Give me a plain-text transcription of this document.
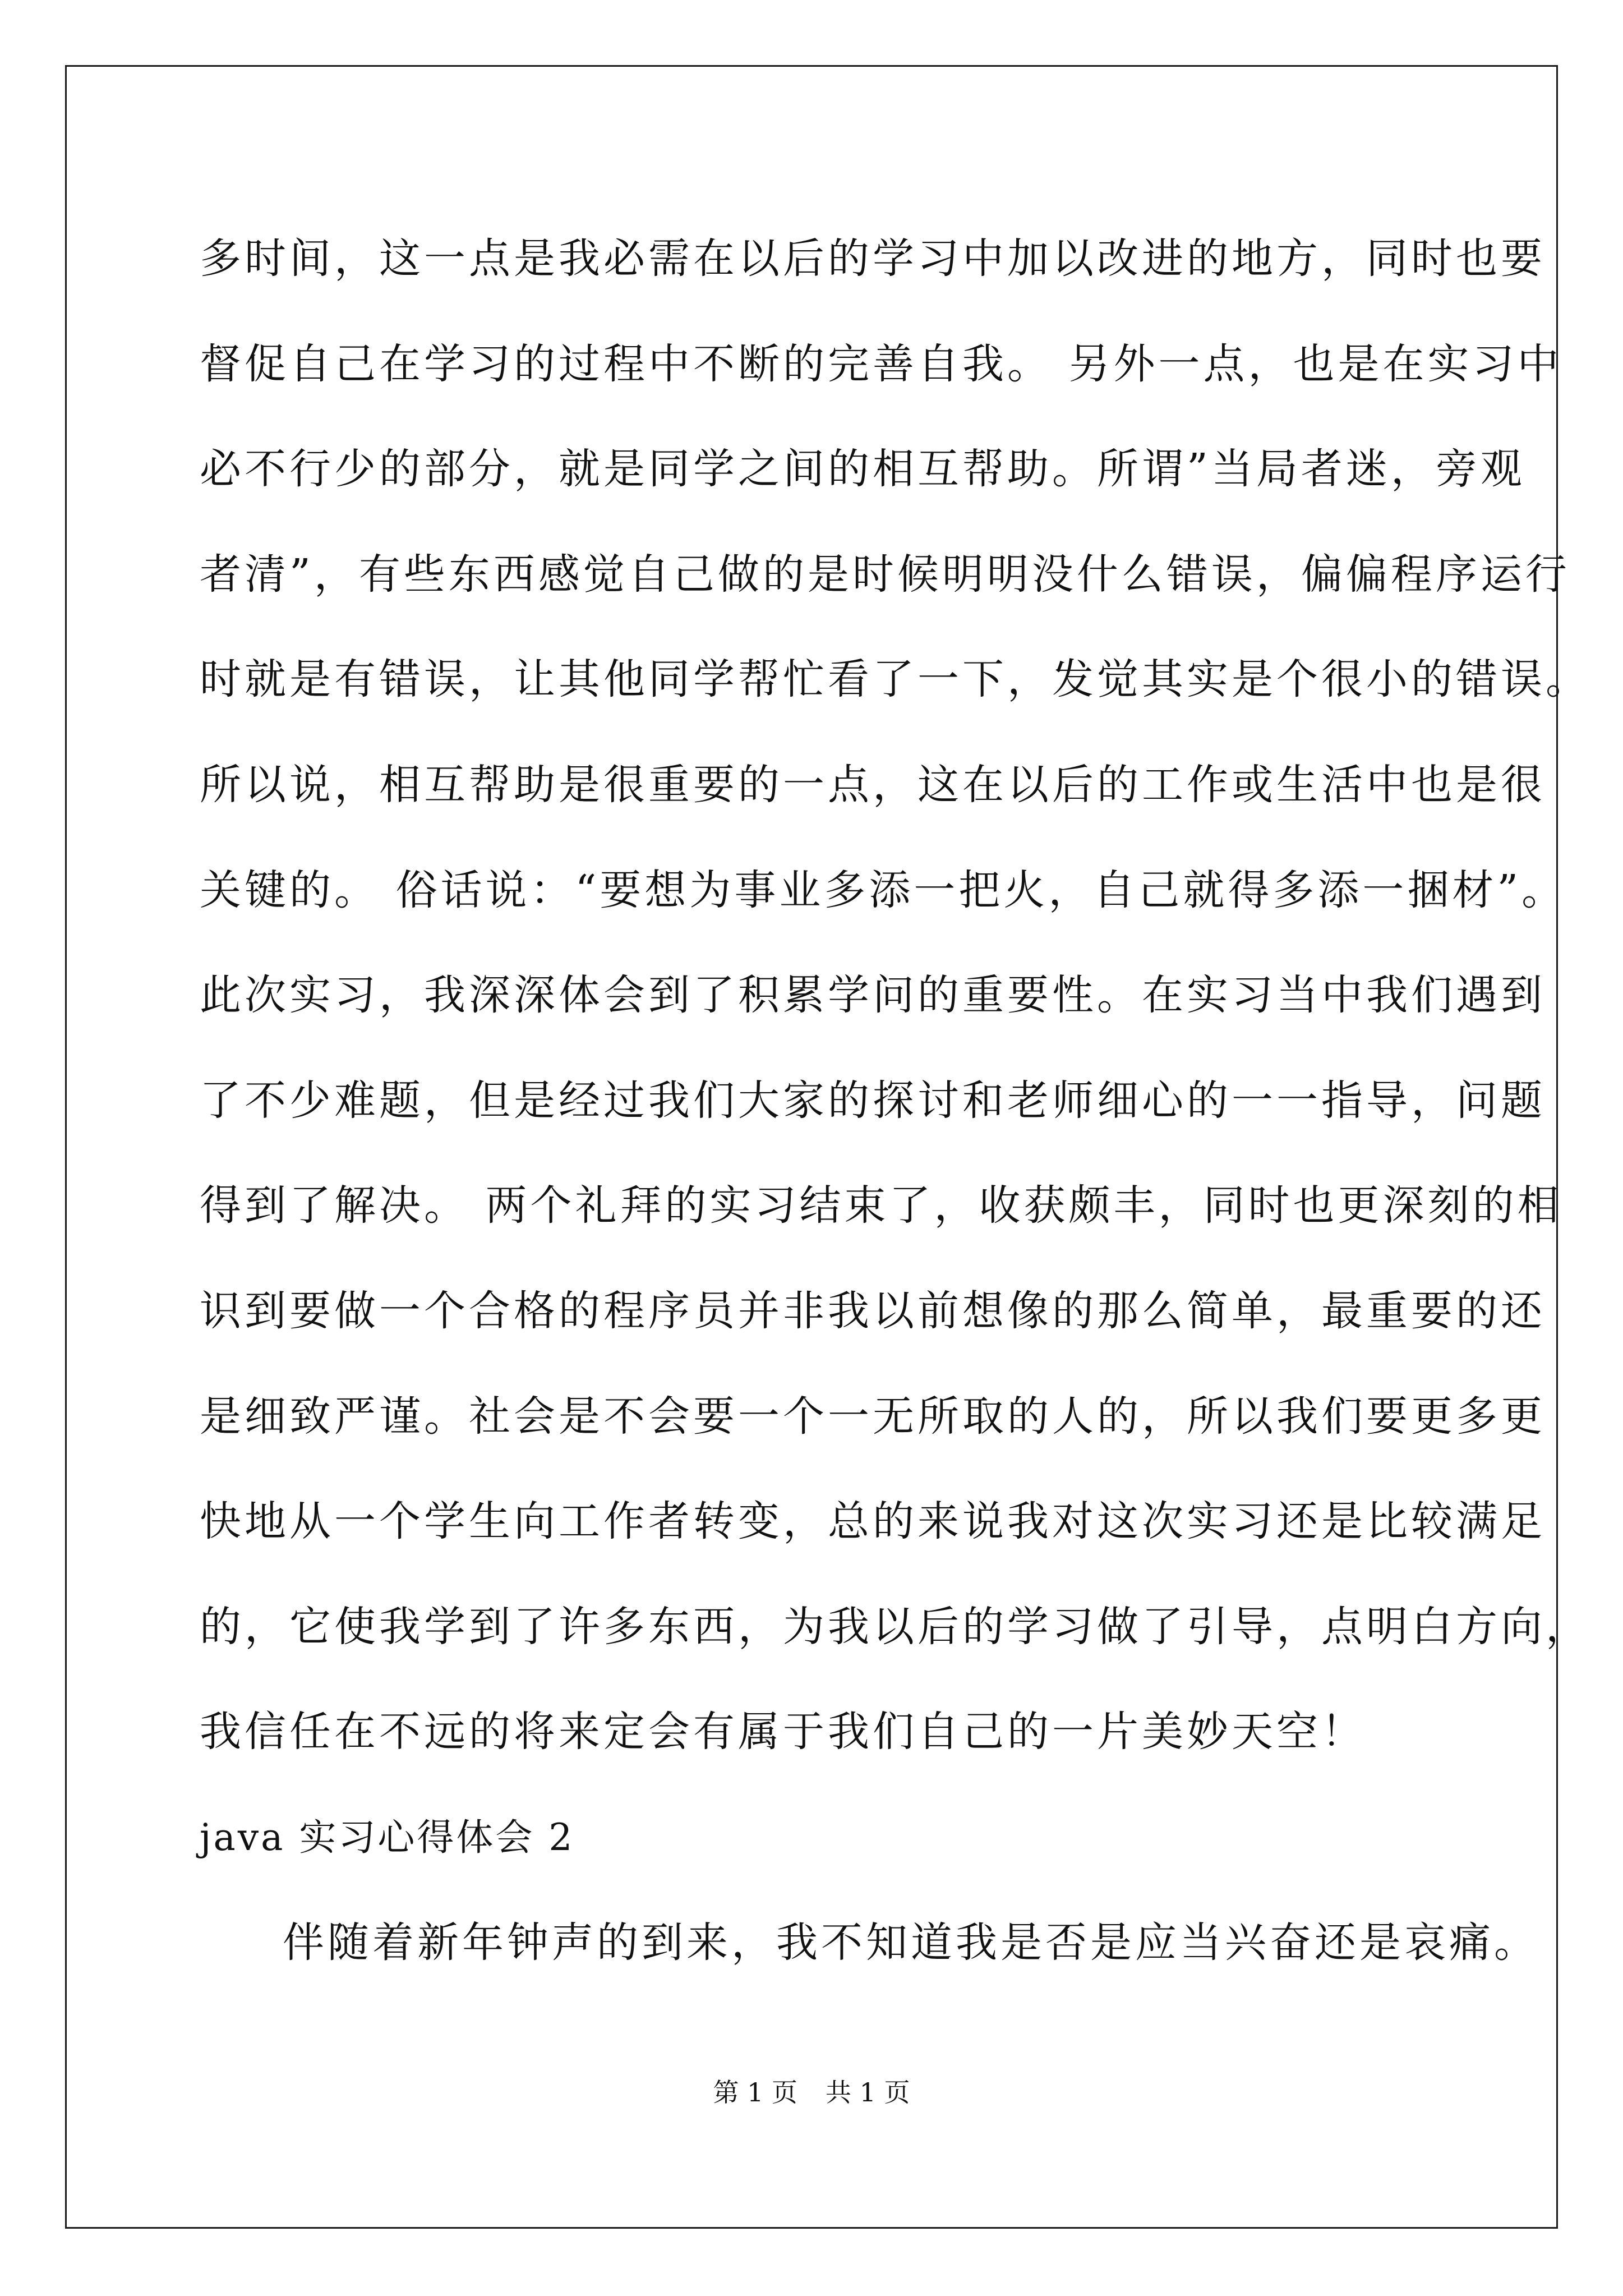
多时间，这一点是我必需在以后的学习中加以改进的地方，同时也要
督促自己在学习的过程中不断的完善自我。 另外一点，也是在实习中
必不行少的部分，就是同学之间的相互帮助。所谓”当局者迷，旁观
者清”，有些东西感觉自己做的是时候明明没什么错误，偏偏程序运行
时就是有错误，让其他同学帮忙看了一下，发觉其实是个很小的错误。
所以说，相互帮助是很重要的一点，这在以后的工作或生活中也是很
关键的。 俗话说：“要想为事业多添一把火，自己就得多添一捆材”。
此次实习，我深深体会到了积累学问的重要性。在实习当中我们遇到
了不少难题，但是经过我们大家的探讨和老师细心的一一指导，问题
得到了解决。 两个礼拜的实习结束了，收获颇丰，同时也更深刻的相
识到要做一个合格的程序员并非我以前想像的那么简单，最重要的还
是细致严谨。社会是不会要一个一无所取的人的，所以我们要更多更
快地从一个学生向工作者转变，总的来说我对这次实习还是比较满足
的，它使我学到了许多东西，为我以后的学习做了引导，点明白方向，
我信任在不远的将来定会有属于我们自己的一片美妙天空！
java 实习心得体会 2
伴随着新年钟声的到来，我不知道我是否是应当兴奋还是哀痛。
第 1 页 共 1 页
